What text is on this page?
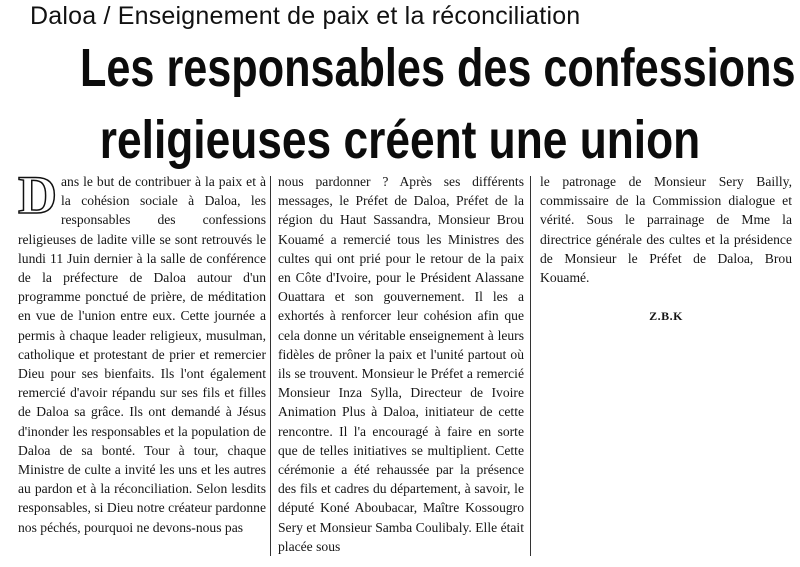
Daloa / Enseignement de paix et la réconciliation
Les responsables des confessions
religieuses créent une union

Dans le but de contribuer à la paix et à la cohésion sociale à Daloa, les responsables des confessions religieuses de ladite ville se sont retrouvés le lundi 11 Juin dernier à la salle de conférence de la préfecture de Daloa autour d'un programme ponctué de prière, de méditation en vue de l'union entre eux. Cette journée a permis à chaque leader religieux, musulman, catholique et protestant de prier et remercier Dieu pour ses bienfaits. Ils l'ont également remercié d'avoir répandu sur ses fils et filles de Daloa sa grâce. Ils ont demandé à Jésus d'inonder les responsables et la population de Daloa de sa bonté. Tour à tour, chaque Ministre de culte a invité les uns et les autres au pardon et à la réconciliation. Selon lesdits responsables, si Dieu notre créateur pardonne nos péchés, pourquoi ne devons-nous pas

nous pardonner ? Après ses différents messages, le Préfet de Daloa, Préfet de la région du Haut Sassandra, Monsieur Brou Kouamé a remercié tous les Ministres des cultes qui ont prié pour le retour de la paix en Côte d'Ivoire, pour le Président Alassane Ouattara et son gouvernement. Il les a exhortés à renforcer leur cohésion afin que cela donne un véritable enseignement à leurs fidèles de prôner la paix et l'unité partout où ils se trouvent. Monsieur le Préfet a remercié Monsieur Inza Sylla, Directeur de Ivoire Animation Plus à Daloa, initiateur de cette rencontre. Il l'a encouragé à faire en sorte que de telles initiatives se multiplient. Cette cérémonie a été rehaussée par la présence des fils et cadres du département, à savoir, le député Koné Aboubacar, Maître Kossougro Sery et Monsieur Samba Coulibaly. Elle était placée sous

le patronage de Monsieur Sery Bailly, commissaire de la Commission dialogue et vérité. Sous le parrainage de Mme la directrice générale des cultes et la présidence de Monsieur le Préfet de Daloa, Brou Kouamé.

Z.B.K
